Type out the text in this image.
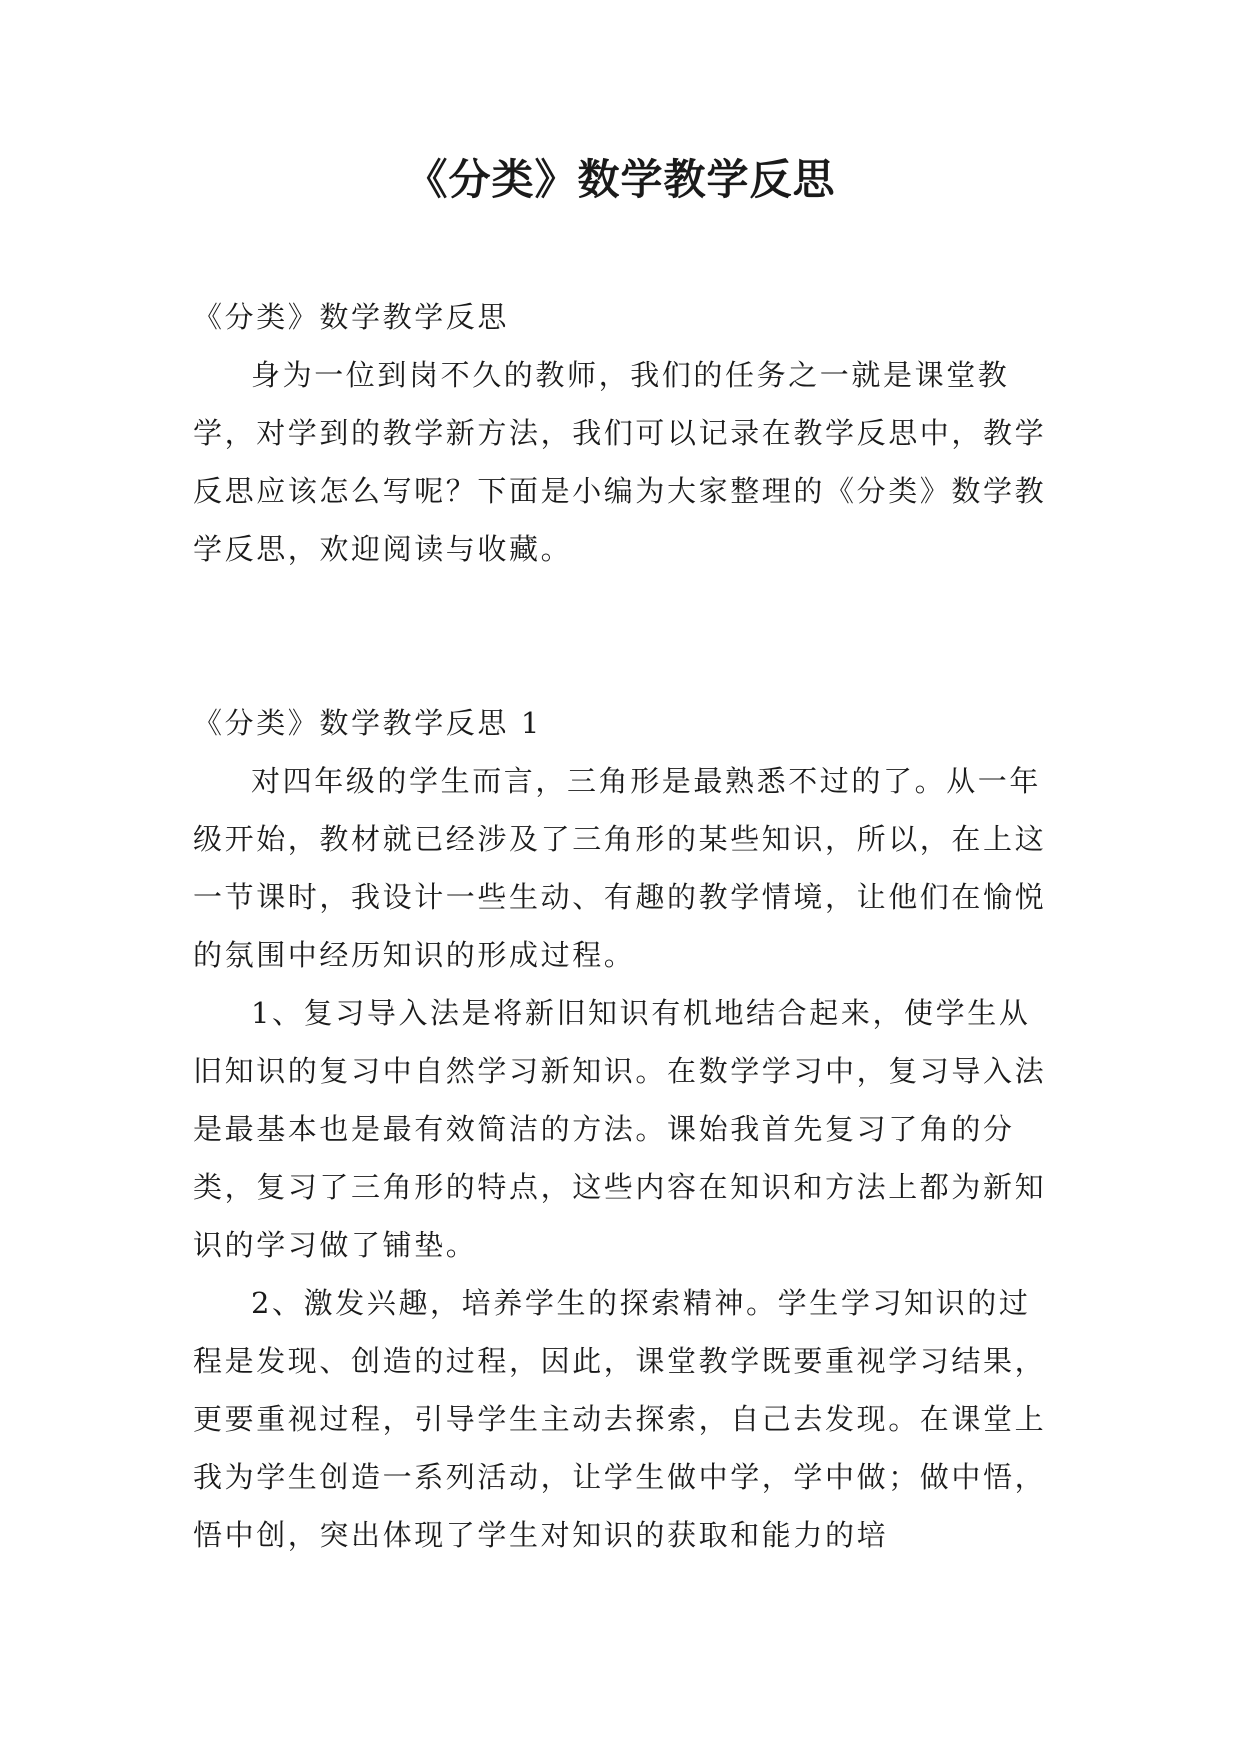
《分类》数学教学反思

《分类》数学教学反思

身为一位到岗不久的教师，我们的任务之一就是课堂教学，对学到的教学新方法，我们可以记录在教学反思中，教学反思应该怎么写呢？下面是小编为大家整理的《分类》数学教学反思，欢迎阅读与收藏。

《分类》数学教学反思 1

对四年级的学生而言，三角形是最熟悉不过的了。从一年级开始，教材就已经涉及了三角形的某些知识，所以，在上这一节课时，我设计一些生动、有趣的教学情境，让他们在愉悦的氛围中经历知识的形成过程。

1、复习导入法是将新旧知识有机地结合起来，使学生从旧知识的复习中自然学习新知识。在数学学习中，复习导入法是最基本也是最有效简洁的方法。课始我首先复习了角的分类，复习了三角形的特点，这些内容在知识和方法上都为新知识的学习做了铺垫。

2、激发兴趣，培养学生的探索精神。学生学习知识的过程是发现、创造的过程，因此，课堂教学既要重视学习结果，更要重视过程，引导学生主动去探索，自己去发现。在课堂上我为学生创造一系列活动，让学生做中学，学中做；做中悟，悟中创，突出体现了学生对知识的获取和能力的培
